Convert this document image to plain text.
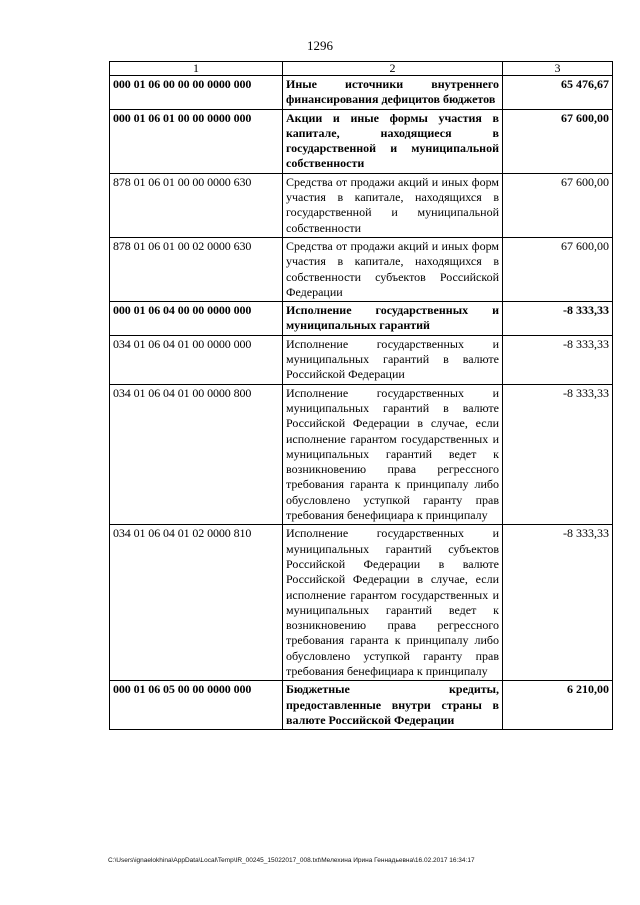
1296
1	2	3
000 01 06 00 00 00 0000 000	Иные источники внутреннего финансирования дефицитов бюджетов	65 476,67
000 01 06 01 00 00 0000 000	Акции и иные формы участия в капитале, находящиеся в государственной и муниципальной собственности	67 600,00
878 01 06 01 00 00 0000 630	Средства от продажи акций и иных форм участия в капитале, находящихся в государственной и муниципальной собственности	67 600,00
878 01 06 01 00 02 0000 630	Средства от продажи акций и иных форм участия в капитале, находящихся в собственности субъектов Российской Федерации	67 600,00
000 01 06 04 00 00 0000 000	Исполнение государственных и муниципальных гарантий	-8 333,33
034 01 06 04 01 00 0000 000	Исполнение государственных и муниципальных гарантий в валюте Российской Федерации	-8 333,33
034 01 06 04 01 00 0000 800	Исполнение государственных и муниципальных гарантий в валюте Российской Федерации в случае, если исполнение гарантом государственных и муниципальных гарантий ведет к возникновению права регрессного требования гаранта к принципалу либо обусловлено уступкой гаранту прав требования бенефициара к принципалу	-8 333,33
034 01 06 04 01 02 0000 810	Исполнение государственных и муниципальных гарантий субъектов Российской Федерации в валюте Российской Федерации в случае, если исполнение гарантом государственных и муниципальных гарантий ведет к возникновению права регрессного требования гаранта к принципалу либо обусловлено уступкой гаранту прав требования бенефициара к принципалу	-8 333,33
000 01 06 05 00 00 0000 000	Бюджетные кредиты, предоставленные внутри страны в валюте Российской Федерации	6 210,00
C:\Users\ignaelokhina\AppData\Local\Temp\IR_00245_15022017_008.txt\Мелехина Ирина Геннадьевна\16.02.2017 16:34:17
